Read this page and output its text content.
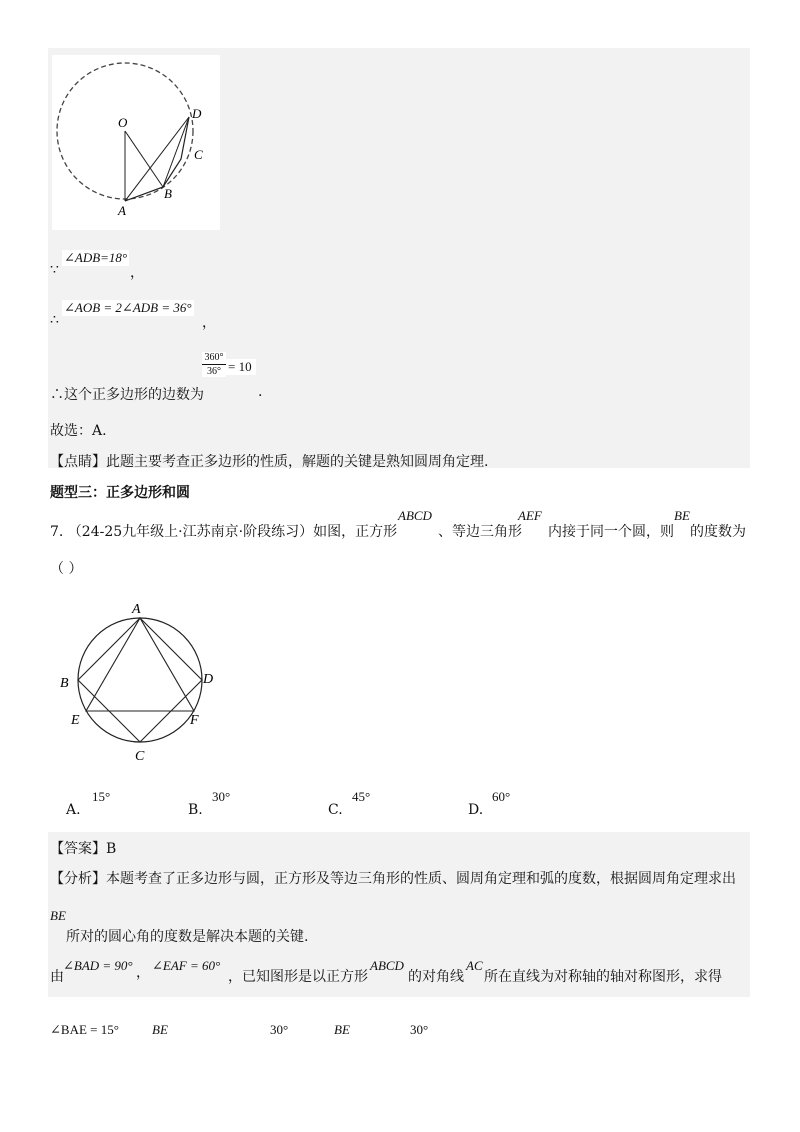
O
A
B
C
D
∠ADB=18°
∵	，
∠AOB = 2∠ADB = 36°
∴	，
360°
36° = 10
∴这个正多边形的边数为	.
故选：A.
【点睛】此题主要考查正多边形的性质，解题的关键是熟知圆周角定理.
题型三：正多边形和圆
7. （24-25九年级上·江苏南京·阶段练习）如图，正方形
ABCD
、等边三角形
AEF
内接于同一个圆，则
BE
的度数为
（ ）
A
B
C
D
E	F
15°
A.
30°
B.
45°
C.
60°
D.
【答案】B
【分析】本题考查了正多边形与圆，正方形及等边三角形的性质、圆周角定理和弧的度数，根据圆周角定理求出
BE
所对的圆心角的度数是解决本题的关键.
由
∠BAD = 90° ， ∠EAF = 60°
，已知图形是以正方形
ABCD
的对角线
AC
所在直线为对称轴的轴对称图形，求得
∠BAE = 15°	BE	30°	BE	30°
